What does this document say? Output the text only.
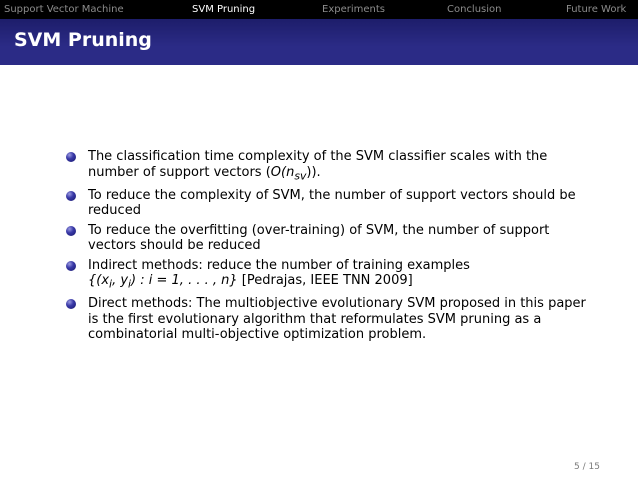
Support Vector Machine	SVM Pruning	Experiments	Conclusion	Future Work
SVM Pruning
The classification time complexity of the SVM classifier scales with the number of support vectors $(O(n_{sv}))$.
To reduce the complexity of SVM, the number of support vectors should be reduced
To reduce the overfitting (over-training) of SVM, the number of support vectors should be reduced
Indirect methods: reduce the number of training examples
{($x_i$, $y_i$) : i = 1, . . . , n} [Pedrajas, IEEE TNN 2009]
Direct methods: The multiobjective evolutionary SVM proposed in this paper is the first evolutionary algorithm that reformulates SVM pruning as a combinatorial multi-objective optimization problem.
5 / 15
